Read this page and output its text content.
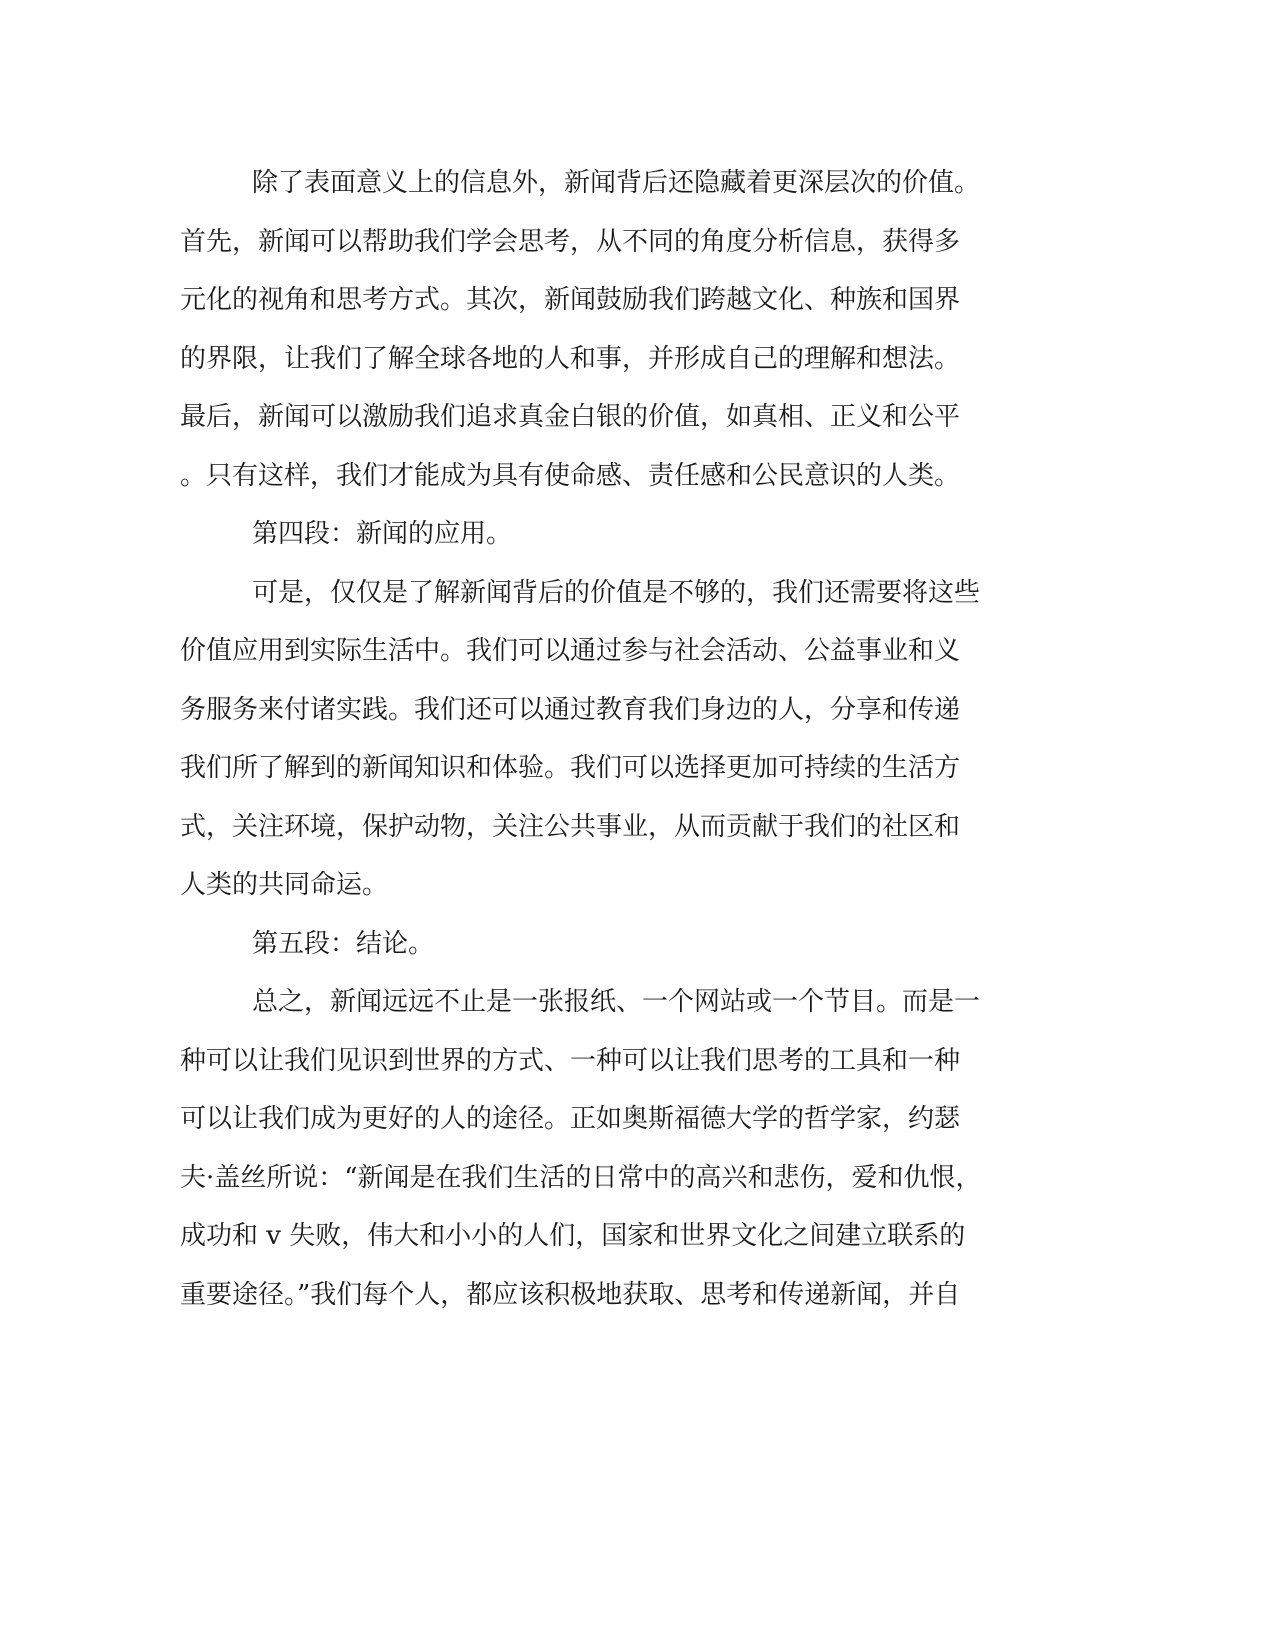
除了表面意义上的信息外，新闻背后还隐藏着更深层次的价值。
首先，新闻可以帮助我们学会思考，从不同的角度分析信息，获得多
元化的视角和思考方式。其次，新闻鼓励我们跨越文化、种族和国界
的界限，让我们了解全球各地的人和事，并形成自己的理解和想法。
最后，新闻可以激励我们追求真金白银的价值，如真相、正义和公平
。只有这样，我们才能成为具有使命感、责任感和公民意识的人类。
第四段：新闻的应用。
可是，仅仅是了解新闻背后的价值是不够的，我们还需要将这些
价值应用到实际生活中。我们可以通过参与社会活动、公益事业和义
务服务来付诸实践。我们还可以通过教育我们身边的人，分享和传递
我们所了解到的新闻知识和体验。我们可以选择更加可持续的生活方
式，关注环境，保护动物，关注公共事业，从而贡献于我们的社区和
人类的共同命运。
第五段：结论。
总之，新闻远远不止是一张报纸、一个网站或一个节目。而是一
种可以让我们见识到世界的方式、一种可以让我们思考的工具和一种
可以让我们成为更好的人的途径。正如奥斯福德大学的哲学家，约瑟
夫·盖丝所说：“新闻是在我们生活的日常中的高兴和悲伤，爱和仇恨，
成功和 v 失败，伟大和小小的人们，国家和世界文化之间建立联系的
重要途径。”我们每个人，都应该积极地获取、思考和传递新闻，并自
